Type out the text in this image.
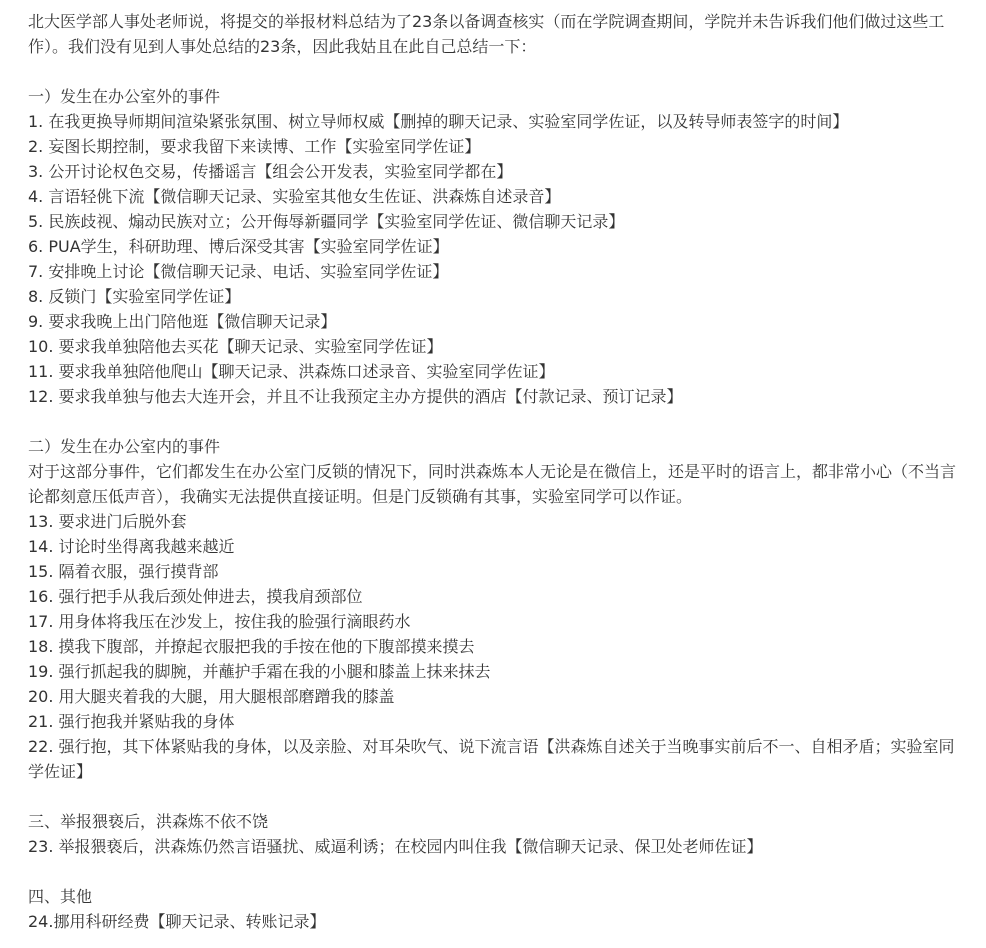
北大医学部人事处老师说，将提交的举报材料总结为了23条以备调查核实（而在学院调查期间，学院并未告诉我们他们做过这些工作）。我们没有见到人事处总结的23条，因此我姑且在此自己总结一下：

一）发生在办公室外的事件

1. 在我更换导师期间渲染紧张氛围、树立导师权威【删掉的聊天记录、实验室同学佐证，以及转导师表签字的时间】

2. 妄图长期控制，要求我留下来读博、工作【实验室同学佐证】

3. 公开讨论权色交易，传播谣言【组会公开发表，实验室同学都在】

4. 言语轻佻下流【微信聊天记录、实验室其他女生佐证、洪森炼自述录音】

5. 民族歧视、煽动民族对立；公开侮辱新疆同学【实验室同学佐证、微信聊天记录】

6. PUA学生，科研助理、博后深受其害【实验室同学佐证】

7. 安排晚上讨论【微信聊天记录、电话、实验室同学佐证】

8. 反锁门【实验室同学佐证】

9. 要求我晚上出门陪他逛【微信聊天记录】

10. 要求我单独陪他去买花【聊天记录、实验室同学佐证】

11. 要求我单独陪他爬山【聊天记录、洪森炼口述录音、实验室同学佐证】

12. 要求我单独与他去大连开会，并且不让我预定主办方提供的酒店【付款记录、预订记录】

二）发生在办公室内的事件

对于这部分事件，它们都发生在办公室门反锁的情况下，同时洪森炼本人无论是在微信上，还是平时的语言上，都非常小心（不当言论都刻意压低声音），我确实无法提供直接证明。但是门反锁确有其事，实验室同学可以作证。

13. 要求进门后脱外套

14. 讨论时坐得离我越来越近

15. 隔着衣服，强行摸背部

16. 强行把手从我后颈处伸进去，摸我肩颈部位

17. 用身体将我压在沙发上，按住我的脸强行滴眼药水

18. 摸我下腹部，并撩起衣服把我的手按在他的下腹部摸来摸去

19. 强行抓起我的脚腕，并蘸护手霜在我的小腿和膝盖上抹来抹去

20. 用大腿夹着我的大腿，用大腿根部磨蹭我的膝盖

21. 强行抱我并紧贴我的身体

22. 强行抱，其下体紧贴我的身体，以及亲脸、对耳朵吹气、说下流言语【洪森炼自述关于当晚事实前后不一、自相矛盾；实验室同学佐证】

三、举报猥亵后，洪森炼不依不饶

23. 举报猥亵后，洪森炼仍然言语骚扰、威逼利诱；在校园内叫住我【微信聊天记录、保卫处老师佐证】

四、其他

24.挪用科研经费【聊天记录、转账记录】
